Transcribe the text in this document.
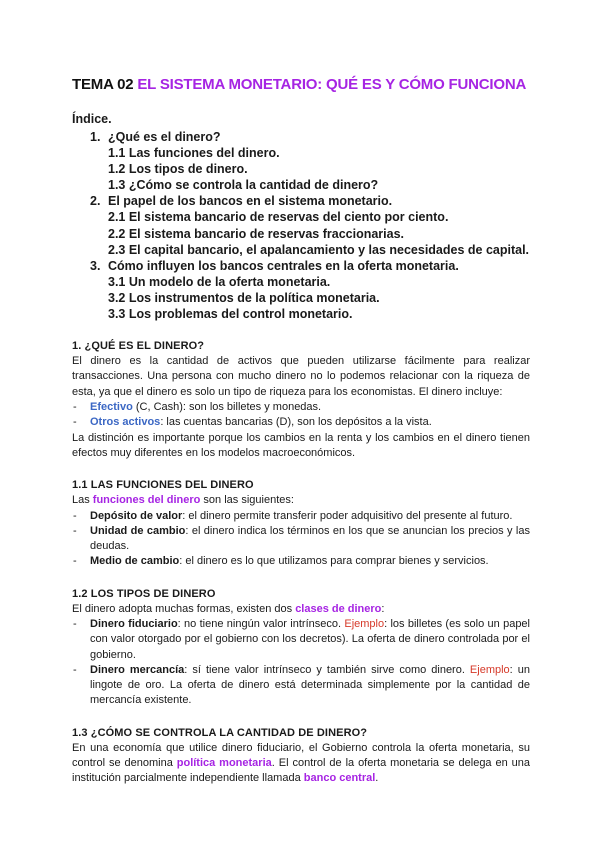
TEMA 02 EL SISTEMA MONETARIO: QUÉ ES Y CÓMO FUNCIONA
Índice.
1. ¿Qué es el dinero?
1.1 Las funciones del dinero.
1.2 Los tipos de dinero.
1.3 ¿Cómo se controla la cantidad de dinero?
2. El papel de los bancos en el sistema monetario.
2.1 El sistema bancario de reservas del ciento por ciento.
2.2 El sistema bancario de reservas fraccionarias.
2.3 El capital bancario, el apalancamiento y las necesidades de capital.
3. Cómo influyen los bancos centrales en la oferta monetaria.
3.1 Un modelo de la oferta monetaria.
3.2 Los instrumentos de la política monetaria.
3.3 Los problemas del control monetario.
1. ¿QUÉ ES EL DINERO?

El dinero es la cantidad de activos que pueden utilizarse fácilmente para realizar transacciones. Una persona con mucho dinero no lo podemos relacionar con la riqueza de esta, ya que el dinero es solo un tipo de riqueza para los economistas. El dinero incluye:

- Efectivo (C, Cash): son los billetes y monedas.
- Otros activos: las cuentas bancarias (D), son los depósitos a la vista.

La distinción es importante porque los cambios en la renta y los cambios en el dinero tienen efectos muy diferentes en los modelos macroeconómicos.

1.1 LAS FUNCIONES DEL DINERO

Las funciones del dinero son las siguientes:

- Depósito de valor: el dinero permite transferir poder adquisitivo del presente al futuro.
- Unidad de cambio: el dinero indica los términos en los que se anuncian los precios y las deudas.
- Medio de cambio: el dinero es lo que utilizamos para comprar bienes y servicios.
1.2 LOS TIPOS DE DINERO

El dinero adopta muchas formas, existen dos clases de dinero:

- Dinero fiduciario: no tiene ningún valor intrínseco. Ejemplo: los billetes (es solo un papel con valor otorgado por el gobierno con los decretos). La oferta de dinero controlada por el gobierno.
- Dinero mercancía: sí tiene valor intrínseco y también sirve como dinero. Ejemplo: un lingote de oro. La oferta de dinero está determinada simplemente por la cantidad de mercancía existente.
1.3 ¿CÓMO SE CONTROLA LA CANTIDAD DE DINERO?

En una economía que utilice dinero fiduciario, el Gobierno controla la oferta monetaria, su control se denomina política monetaria. El control de la oferta monetaria se delega en una institución parcialmente independiente llamada banco central.
